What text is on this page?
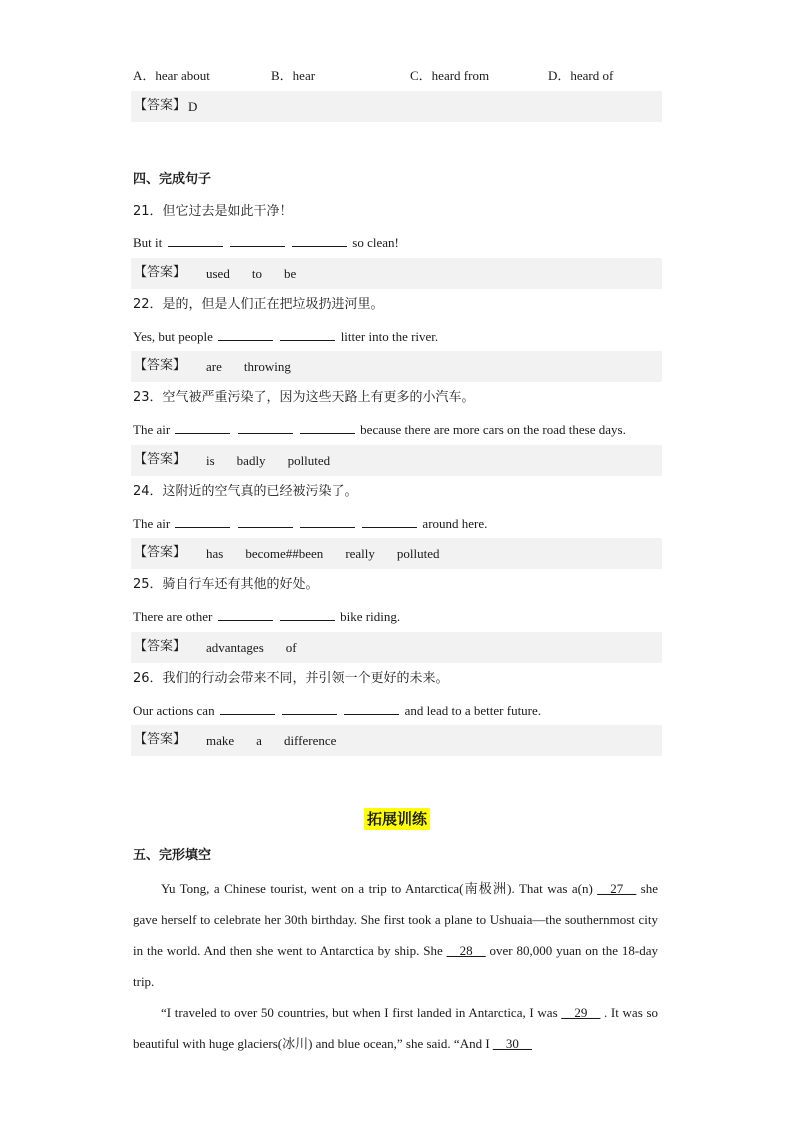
A．hear about	B．hear	C．heard from	D．heard of
【答案】 D
四、完成句子
21．但它过去是如此干净！
But it	so clean!
【答案】 used to be
22．是的，但是人们正在把垃圾扔进河里。
Yes, but people	litter into the river.
【答案】 are throwing
23．空气被严重污染了，因为这些天路上有更多的小汽车。
The air	because there are more cars on the road these days.
【答案】 is badly polluted
24．这附近的空气真的已经被污染了。
The air	around here.
【答案】 has become##been really polluted
25．骑自行车还有其他的好处。
There are other	bike riding.
【答案】 advantages of
26．我们的行动会带来不同，并引领一个更好的未来。
Our actions can	and lead to a better future.
【答案】 make a difference
拓展训练
五、完形填空
Yu Tong, a Chinese tourist, went on a trip to Antarctica(南极洲). That was a(n) __27__ she gave herself to celebrate her 30th birthday. She first took a plane to Ushuaia—the southernmost city in the world. And then she went to Antarctica by ship. She __28__ over 80,000 yuan on the 18-day trip.
“I traveled to over 50 countries, but when I first landed in Antarctica, I was __29__ . It was so beautiful with huge glaciers(冰川) and blue ocean,” she said. “And I __30__
